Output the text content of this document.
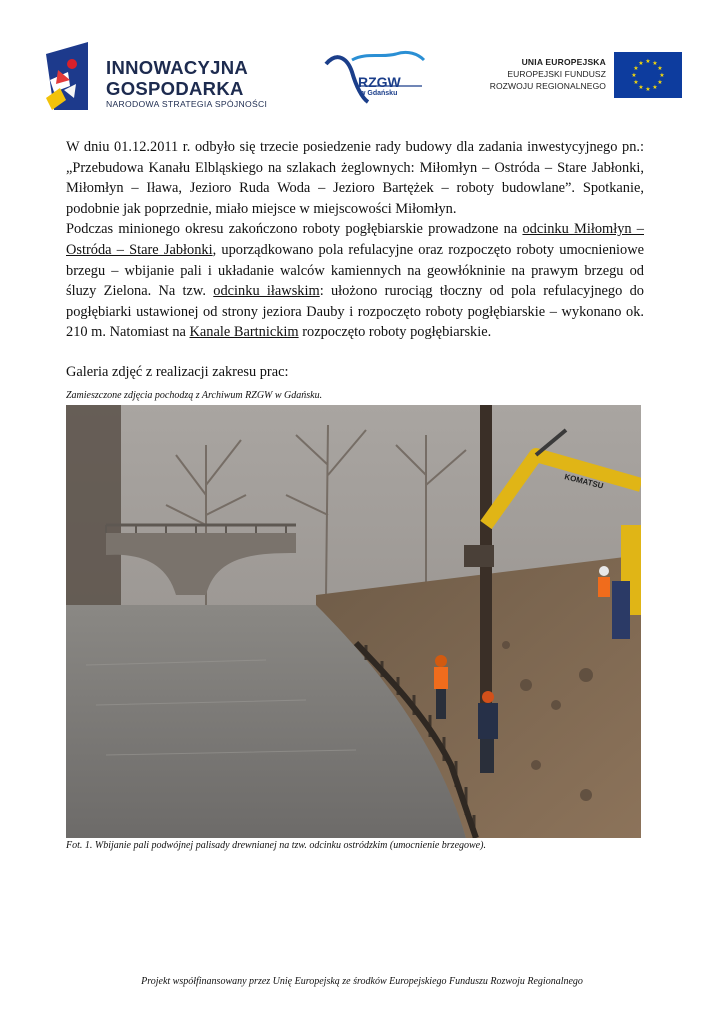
INNOWACYJNA
GOSPODARKA
NARODOWA STRATEGIA SPÓJNOŚCI
RZGW
w Gdańsku
UNIA EUROPEJSKA
EUROPEJSKI FUNDUSZ
ROZWOJU REGIONALNEGO
★ ★
★
★
★
★
★
★
★
★
★
★

W dniu 01.12.2011 r. odbyło się trzecie posiedzenie rady budowy dla zadania inwestycyjnego pn.: „Przebudowa Kanału Elbląskiego na szlakach żeglownych: Miłomłyn – Ostróda – Stare Jabłonki, Miłomłyn – Iława, Jezioro Ruda Woda – Jezioro Bartężek – roboty budowlane”. Spotkanie, podobnie jak poprzednie, miało miejsce w miejscowości Miłomłyn.

Podczas minionego okresu zakończono roboty pogłębiarskie prowadzone na odcinku Miłomłyn – Ostróda – Stare Jabłonki, uporządkowano pola refulacyjne oraz rozpoczęto roboty umocnieniowe brzegu – wbijanie pali i układanie walców kamiennych na geowłókninie na prawym brzegu od śluzy Zielona. Na tzw. odcinku iławskim: ułożono rurociąg tłoczny od pola refulacyjnego do pogłębiarki ustawionej od strony jeziora Dauby i rozpoczęto roboty pogłębiarskie – wykonano ok. 210 m. Natomiast na Kanale Bartnickim rozpoczęto roboty pogłębiarskie.

Galeria zdjęć z realizacji zakresu prac:
Zamieszczone zdjęcia pochodzą z Archiwum RZGW w Gdańsku.
KOMATSU
Fot. 1. Wbijanie pali podwójnej palisady drewnianej na tzw. odcinku ostródzkim (umocnienie brzegowe).
Projekt współfinansowany przez Unię Europejską ze środków Europejskiego Funduszu Rozwoju Regionalnego
